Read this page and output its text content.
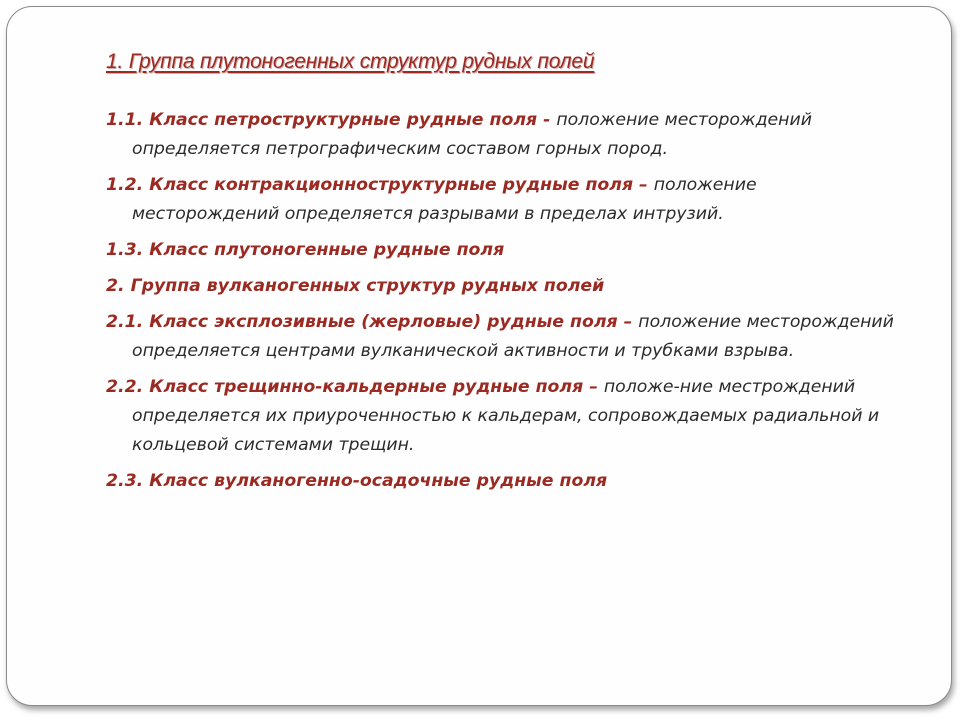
1. Группа плутоногенных структур рудных полей

1.1. Класс петроструктурные рудные поля - положение месторождений определяется петрографическим составом горных пород.

1.2. Класс контракционноструктурные рудные поля – положение месторождений определяется разрывами в пределах интрузий.

1.3. Класс плутоногенные рудные поля

2. Группа вулканогенных структур рудных полей

2.1. Класс эксплозивные (жерловые) рудные поля – положение месторождений определяется центрами вулканической активности и трубками взрыва.

2.2. Класс трещинно-кальдерные рудные поля – положе-ние местрождений определяется их приуроченностью к кальдерам, сопровождаемых радиальной и кольцевой системами трещин.

2.3. Класс вулканогенно-осадочные рудные поля
